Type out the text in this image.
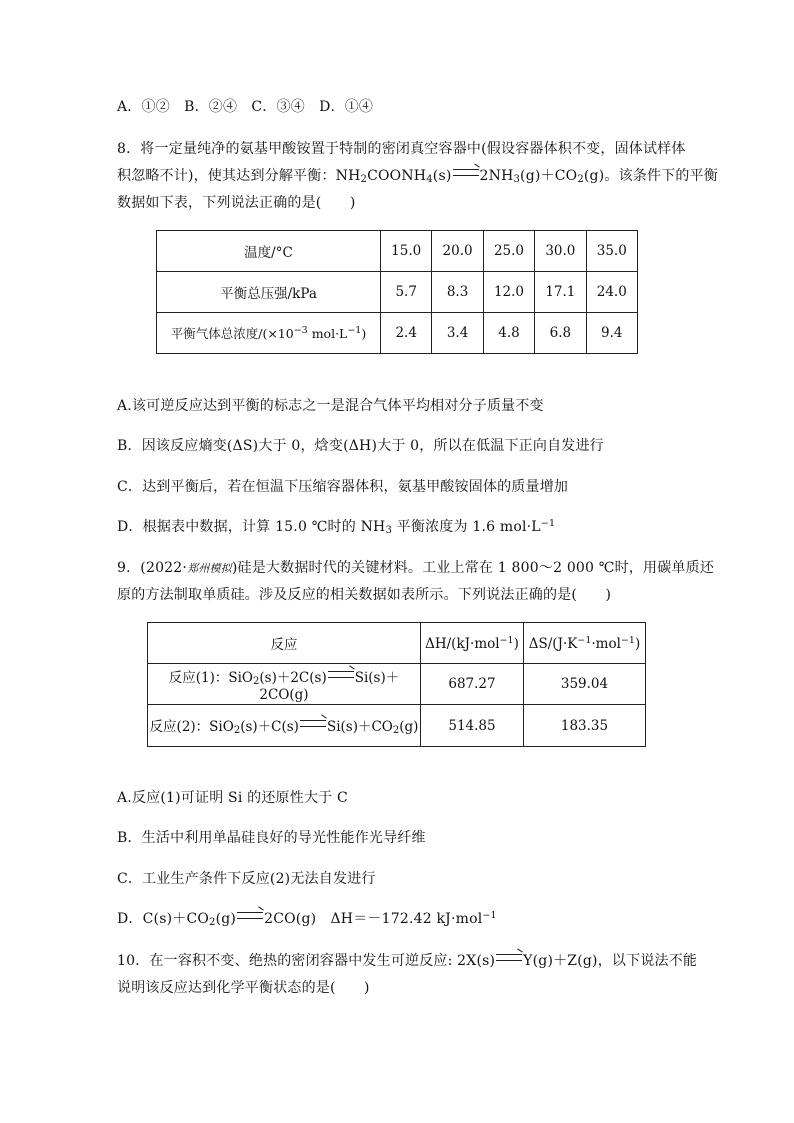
A．①②　B．②④　C．③④　D．①④
8．将一定量纯净的氨基甲酸铵置于特制的密闭真空容器中(假设容器体积不变，固体试样体
积忽略不计)，使其达到分解平衡：$NH_2COONH_4(s)$ $2NH_3(g)+CO_2(g)$。该条件下的平衡
数据如下表，下列说法正确的是(　　)
温度/°C	15.0	20.0	25.0	30.0	35.0
平衡总压强/kPa	5.7	8.3	12.0	17.1	24.0
平衡气体总浓度$/(\times 10^{-3}$ $mol\cdot L^{-1}$)	2.4	3.4	4.8	6.8	9.4
A.该可逆反应达到平衡的标志之一是混合气体平均相对分子质量不变
B．因该反应熵变(ΔS)大于 0，焓变(ΔH)大于 0，所以在低温下正向自发进行
C．达到平衡后，若在恒温下压缩容器体积，氨基甲酸铵固体的质量增加
D．根据表中数据，计算 15.0 ℃时的 $NH_3$ 平衡浓度为 1.6 $mol\cdot L^{-1}$
9．(2022·郑州模拟)硅是大数据时代的关键材料。工业上常在 1 800～2 000 ℃时，用碳单质还
原的方法制取单质硅。涉及反应的相关数据如表所示。下列说法正确的是(　　)
反应	ΔH/(kJ·mol$^{-1}$)	$\Delta S/(J\cdot K^{-1}\cdot mol^{-1})$
反应(1)：SiO$_2$(s)＋2C(s) Si(s)＋2CO(g)	687.27	359.04
反应(2)：SiO$_2$(s)＋C(s) $Si(s)+CO_2(g)$	514.85	183.35
A.反应(1)可证明 Si 的还原性大于 C
B．生活中利用单晶硅良好的导光性能作光导纤维
C．工业生产条件下反应(2)无法自发进行
D．$C(s)+CO_2(g)$ 2CO(g)　ΔH＝－172.42 kJ·mol$^{-1}$
10．在一容积不变、绝热的密闭容器中发生可逆反应: 2X(s) Y(g)＋Z(g)，以下说法不能
说明该反应达到化学平衡状态的是(　　)
